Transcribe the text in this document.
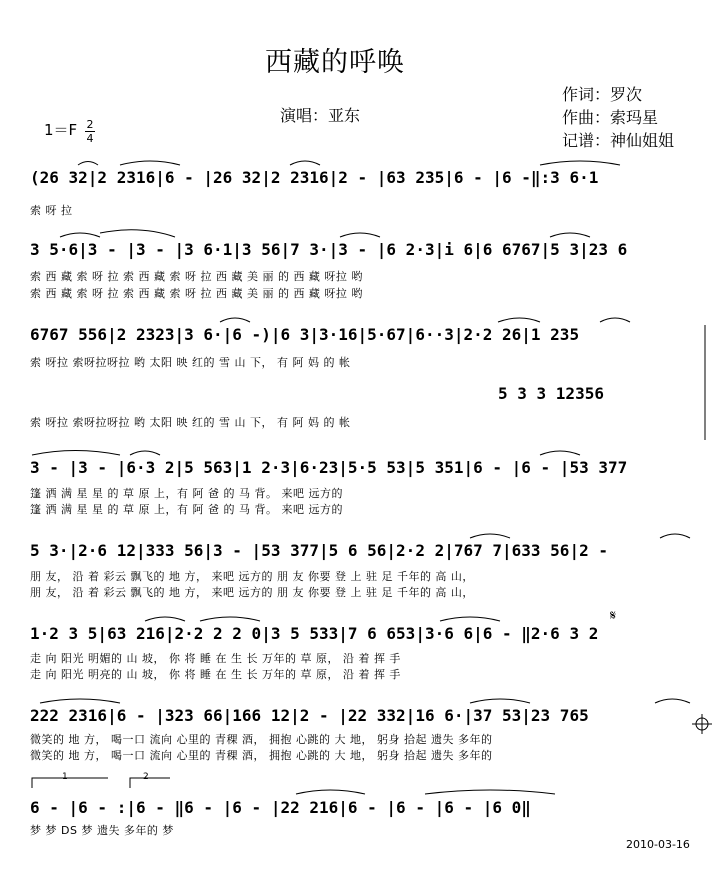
西藏的呼唤
作词：罗次
作曲：索玛星
记谱：神仙姐姐
演唱：亚东
1＝F 2
4
(26 32|2 2316|6 - |26 32|2 2316|2 - |63 235|6 - |6 -‖:3 6·1
索 呀 拉
3 5·6|3 - |3 - |3 6·1|3 56|7 3·|3 - |6 2·3|i 6|6 6767|5 3|23 6
索 西 藏 索 呀 拉 索 西 藏 索 呀 拉 西 藏 美 丽 的 西 藏 呀拉 哟
索 西 藏 索 呀 拉 索 西 藏 索 呀 拉 西 藏 美 丽 的 西 藏 呀拉 哟
6767 556|2 2323|3 6·|6 -)|6 3|3·16|5·67|6··3|2·2 26|1 235
索 呀拉 索呀拉呀拉 哟 太阳 映 红的 雪 山 下， 有 阿 妈 的 帐
5 3 3 12356
索 呀拉 索呀拉呀拉 哟 太阳 映 红的 雪 山 下， 有 阿 妈 的 帐
3 - |3 - |6·3 2|5 563|1 2·3|6·23|5·5 53|5 351|6 - |6 - |53 377
篷 洒 满 星 星 的 草 原 上，有 阿 爸 的 马 背。 来吧 远方的
篷 洒 满 星 星 的 草 原 上，有 阿 爸 的 马 背。 来吧 远方的
5 3·|2·6 12|333 56|3 - |53 377|5 6 56|2·2 2|767 7|633 56|2 -
朋 友， 沿 着 彩云 飘飞的 地 方， 来吧 远方的 朋 友 你要 登 上 驻 足 千年的 高 山，
朋 友， 沿 着 彩云 飘飞的 地 方， 来吧 远方的 朋 友 你要 登 上 驻 足 千年的 高 山，
1·2 3 5|63 216|2·2 2 2 0|3 5 533|7 6 653|3·6 6|6 - ‖2·6 3 2
走 向 阳光 明媚的 山 坡， 你 将 睡 在 生 长 万年的 草 原， 沿 着 挥 手
走 向 阳光 明亮的 山 坡， 你 将 睡 在 生 长 万年的 草 原， 沿 着 挥 手
222 2316|6 - |323 66|166 12|2 - |22 332|16 6·|37 53|23 765
微笑的 地 方， 喝一口 流向 心里的 青稞 酒， 拥抱 心跳的 大 地， 躬身 拾起 遗失 多年的
微笑的 地 方， 喝一口 流向 心里的 青稞 酒， 拥抱 心跳的 大 地， 躬身 拾起 遗失 多年的
1	2
6 - |6 - :|6 - ‖6 - |6 - |22 216|6 - |6 - |6 - |6 0‖
梦 梦 DS 梦 遗失 多年的 梦
2010-03-16
𝄋
